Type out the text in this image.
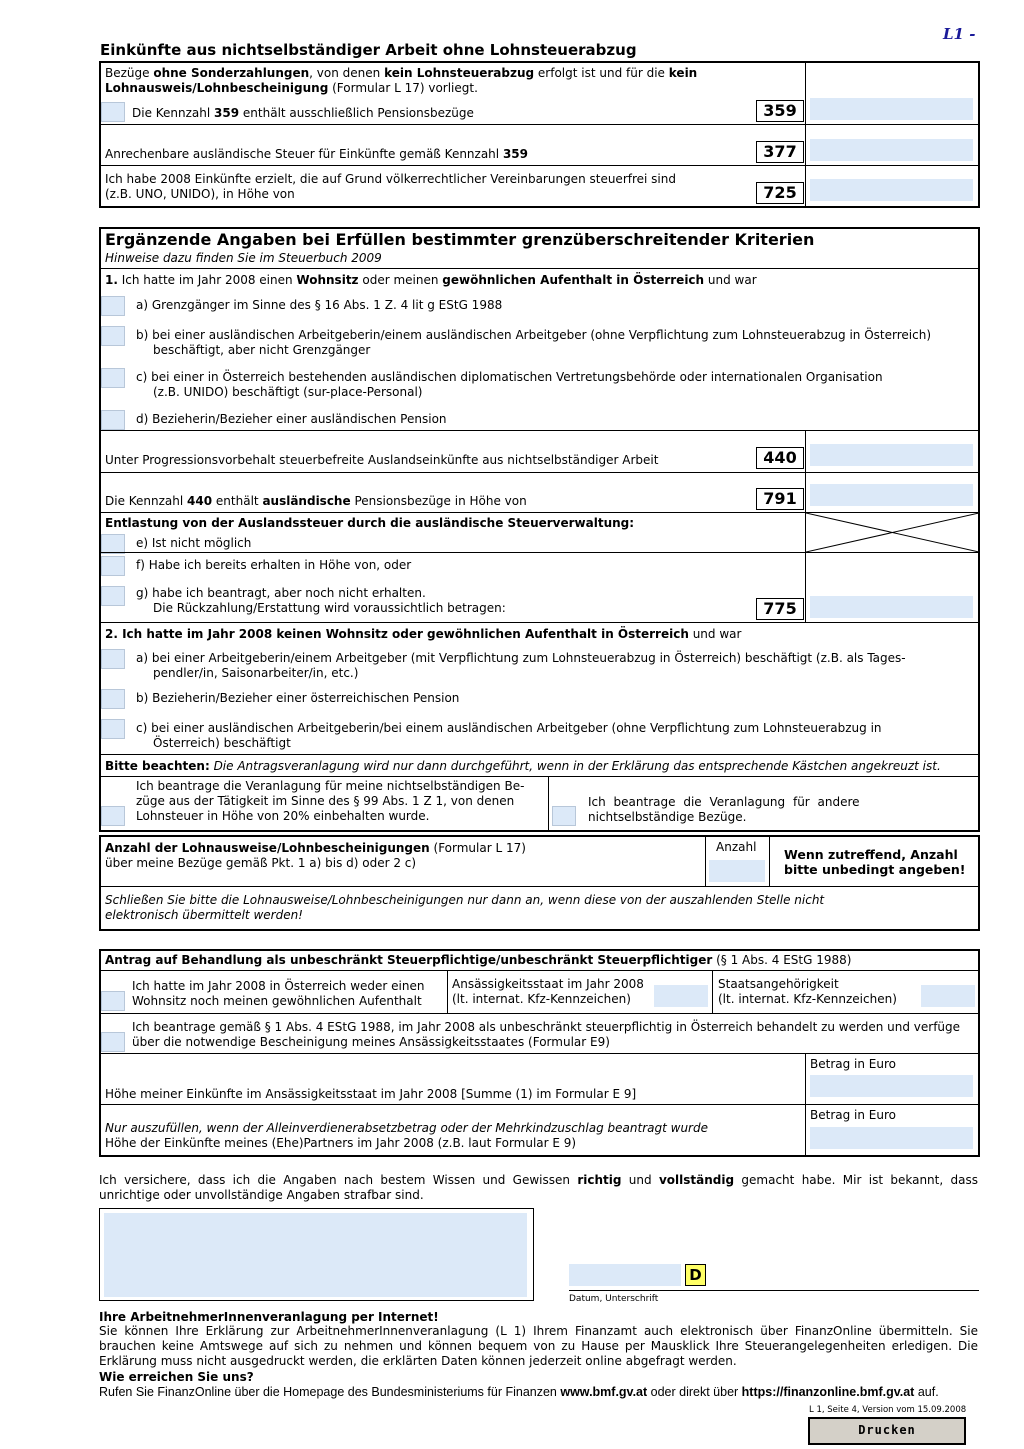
L1 -
Einkünfte aus nichtselbständiger Arbeit ohne Lohnsteuerabzug
Bezüge ohne Sonderzahlungen, von denen kein Lohnsteuerabzug erfolgt ist und für die kein
Lohnausweis/Lohnbescheinigung (Formular L 17) vorliegt.
Die Kennzahl 359 enthält ausschließlich Pensionsbezüge	359
Anrechenbare ausländische Steuer für Einkünfte gemäß Kennzahl 359	377
Ich habe 2008 Einkünfte erzielt, die auf Grund völkerrechtlicher Vereinbarungen steuerfrei sind
(z.B. UNO, UNIDO), in Höhe von	725
Ergänzende Angaben bei Erfüllen bestimmter grenzüberschreitender Kriterien
Hinweise dazu finden Sie im Steuerbuch 2009
1. Ich hatte im Jahr 2008 einen Wohnsitz oder meinen gewöhnlichen Aufenthalt in Österreich und war
a) Grenzgänger im Sinne des § 16 Abs. 1 Z. 4 lit g EStG 1988
b) bei einer ausländischen Arbeitgeberin/einem ausländischen Arbeitgeber (ohne Verpflichtung zum Lohnsteuerabzug in Österreich)
beschäftigt, aber nicht Grenzgänger
c) bei einer in Österreich bestehenden ausländischen diplomatischen Vertretungsbehörde oder internationalen Organisation
(z.B. UNIDO) beschäftigt (sur-place-Personal)
d) Bezieherin/Bezieher einer ausländischen Pension
Unter Progressionsvorbehalt steuerbefreite Auslandseinkünfte aus nichtselbständiger Arbeit	440
Die Kennzahl 440 enthält ausländische Pensionsbezüge in Höhe von	791
Entlastung von der Auslandssteuer durch die ausländische Steuerverwaltung:
e) Ist nicht möglich
f) Habe ich bereits erhalten in Höhe von, oder
g) habe ich beantragt, aber noch nicht erhalten.
Die Rückzahlung/Erstattung wird voraussichtlich betragen:	775
2. Ich hatte im Jahr 2008 keinen Wohnsitz oder gewöhnlichen Aufenthalt in Österreich und war
a) bei einer Arbeitgeberin/einem Arbeitgeber (mit Verpflichtung zum Lohnsteuerabzug in Österreich) beschäftigt (z.B. als Tages-
pendler/in, Saisonarbeiter/in, etc.)
b) Bezieherin/Bezieher einer österreichischen Pension
c) bei einer ausländischen Arbeitgeberin/bei einem ausländischen Arbeitgeber (ohne Verpflichtung zum Lohnsteuerabzug in
Österreich) beschäftigt
Bitte beachten: Die Antragsveranlagung wird nur dann durchgeführt, wenn in der Erklärung das entsprechende Kästchen angekreuzt ist.
Ich beantrage die Veranlagung für meine nichtselbständigen Be-
züge aus der Tätigkeit im Sinne des § 99 Abs. 1 Z 1, von denen
Lohnsteuer in Höhe von 20% einbehalten wurde.
Ich beantrage die Veranlagung für andere
nichtselbständige Bezüge.
Anzahl der Lohnausweise/Lohnbescheinigungen (Formular L 17)
über meine Bezüge gemäß Pkt. 1 a) bis d) oder 2 c)
Anzahl Wenn zutreffend, Anzahl
bitte unbedingt angeben!
Schließen Sie bitte die Lohnausweise/Lohnbescheinigungen nur dann an, wenn diese von der auszahlenden Stelle nicht
elektronisch übermittelt werden!
Antrag auf Behandlung als unbeschränkt Steuerpflichtige/unbeschränkt Steuerpflichtiger (§ 1 Abs. 4 EStG 1988)
Ich hatte im Jahr 2008 in Österreich weder einen
Wohnsitz noch meinen gewöhnlichen Aufenthalt
Ansässigkeitsstaat im Jahr 2008
(lt. internat. Kfz-Kennzeichen)
Staatsangehörigkeit
(lt. internat. Kfz-Kennzeichen)
Ich beantrage gemäß § 1 Abs. 4 EStG 1988, im Jahr 2008 als unbeschränkt steuerpflichtig in Österreich behandelt zu werden und verfüge
über die notwendige Bescheinigung meines Ansässigkeitsstaates (Formular E9)
Betrag in Euro
Höhe meiner Einkünfte im Ansässigkeitsstaat im Jahr 2008 [Summe (1) im Formular E 9]
Betrag in Euro
Nur auszufüllen, wenn der Alleinverdienerabsetzbetrag oder der Mehrkindzuschlag beantragt wurde
Höhe der Einkünfte meines (Ehe)Partners im Jahr 2008 (z.B. laut Formular E 9)
Ich versichere, dass ich die Angaben nach bestem Wissen und Gewissen richtig und vollständig gemacht habe. Mir ist bekannt, dass
unrichtige oder unvollständige Angaben strafbar sind.
D
Datum, Unterschrift
Ihre ArbeitnehmerInnenveranlagung per Internet!
Sie können Ihre Erklärung zur ArbeitnehmerInnenveranlagung (L 1) Ihrem Finanzamt auch elektronisch über FinanzOnline übermitteln. Sie
brauchen keine Amtswege auf sich zu nehmen und können bequem von zu Hause per Mausklick Ihre Steuerangelegenheiten erledigen. Die
Erklärung muss nicht ausgedruckt werden, die erklärten Daten können jederzeit online abgefragt werden.
Wie erreichen Sie uns?
Rufen Sie FinanzOnline über die Homepage des Bundesministeriums für Finanzen www.bmf.gv.at oder direkt über https://finanzonline.bmf.gv.at auf.
L 1, Seite 4, Version vom 15.09.2008
Drucken
